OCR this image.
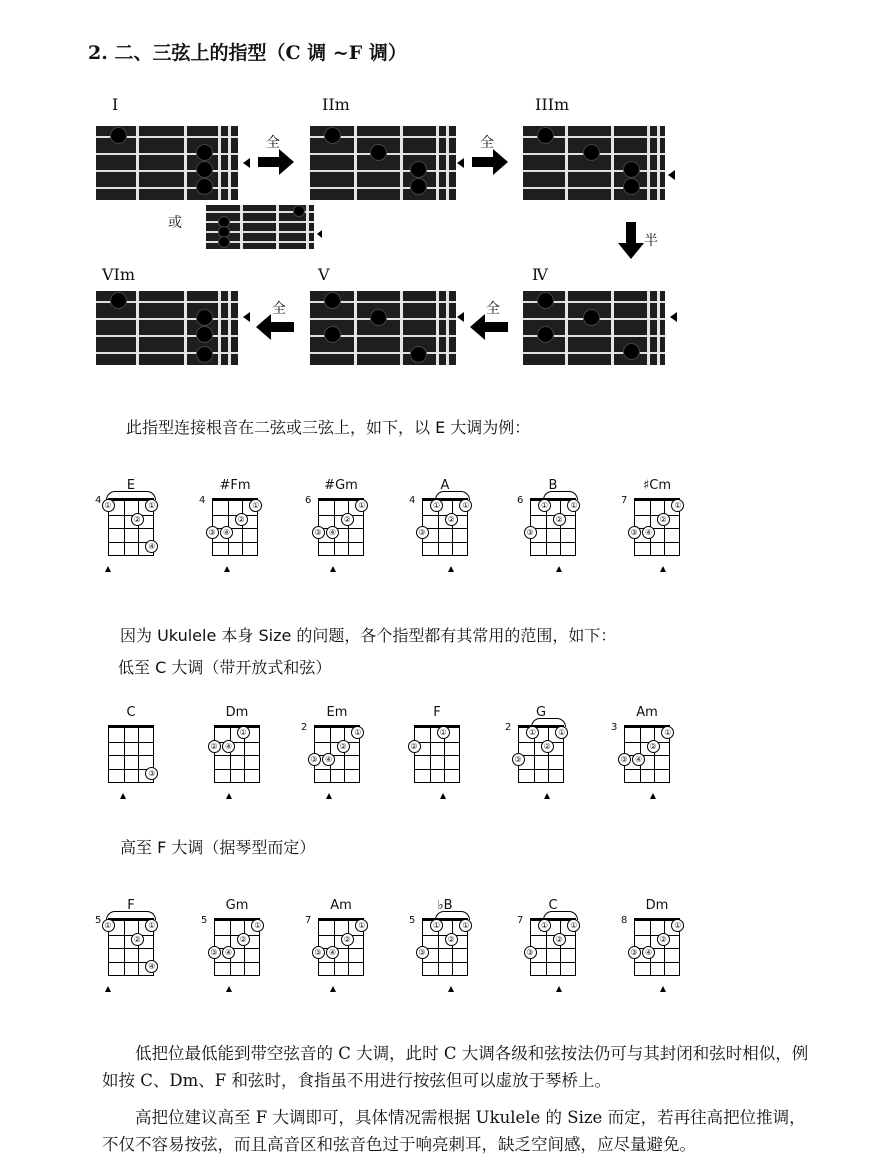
2. 二、三弦上的指型（C 调 ~F 调）
I	IIm	IIIm
全	全
或
半
VIm	V	Ⅳ
全	全
此指型连接根音在二弦或三弦上，如下，以 E 大调为例：
因为 Ukulele 本身 Size 的问题，各个指型都有其常用的范围，如下：
低至 C 大调（带开放式和弦）
高至 F 大调（据琴型而定）
E
4 ①	①
②
④
#Fm
4	①
②
③ ④
#Gm
6	①
②
③ ④
A
4	①	①
②
③
B
6	①	①
②
③
♯Cm
7	①
②
③ ④
C
③
Dm
①
② ④
Em
2	①
②
③ ④
F
①
②
G
2	①	①
②
③
Am
3	①
②
③ ④
F
5 ①	①
②
④
Gm
5	①
②
③ ④
Am
7	①
②
③ ④
♭B
5	①	①
②
③
C
7	①	①
②
③
Dm
8	①
②
③ ④
低把位最低能到带空弦音的 C 大调，此时 C 大调各级和弦按法仍可与其封闭和弦时相似，例如按 C、Dm、F 和弦时，食指虽不用进行按弦但可以虚放于琴桥上。
高把位建议高至 F 大调即可，具体情况需根据 Ukulele 的 Size 而定，若再往高把位推调，不仅不容易按弦，而且高音区和弦音色过于响亮刺耳，缺乏空间感，应尽量避免。
